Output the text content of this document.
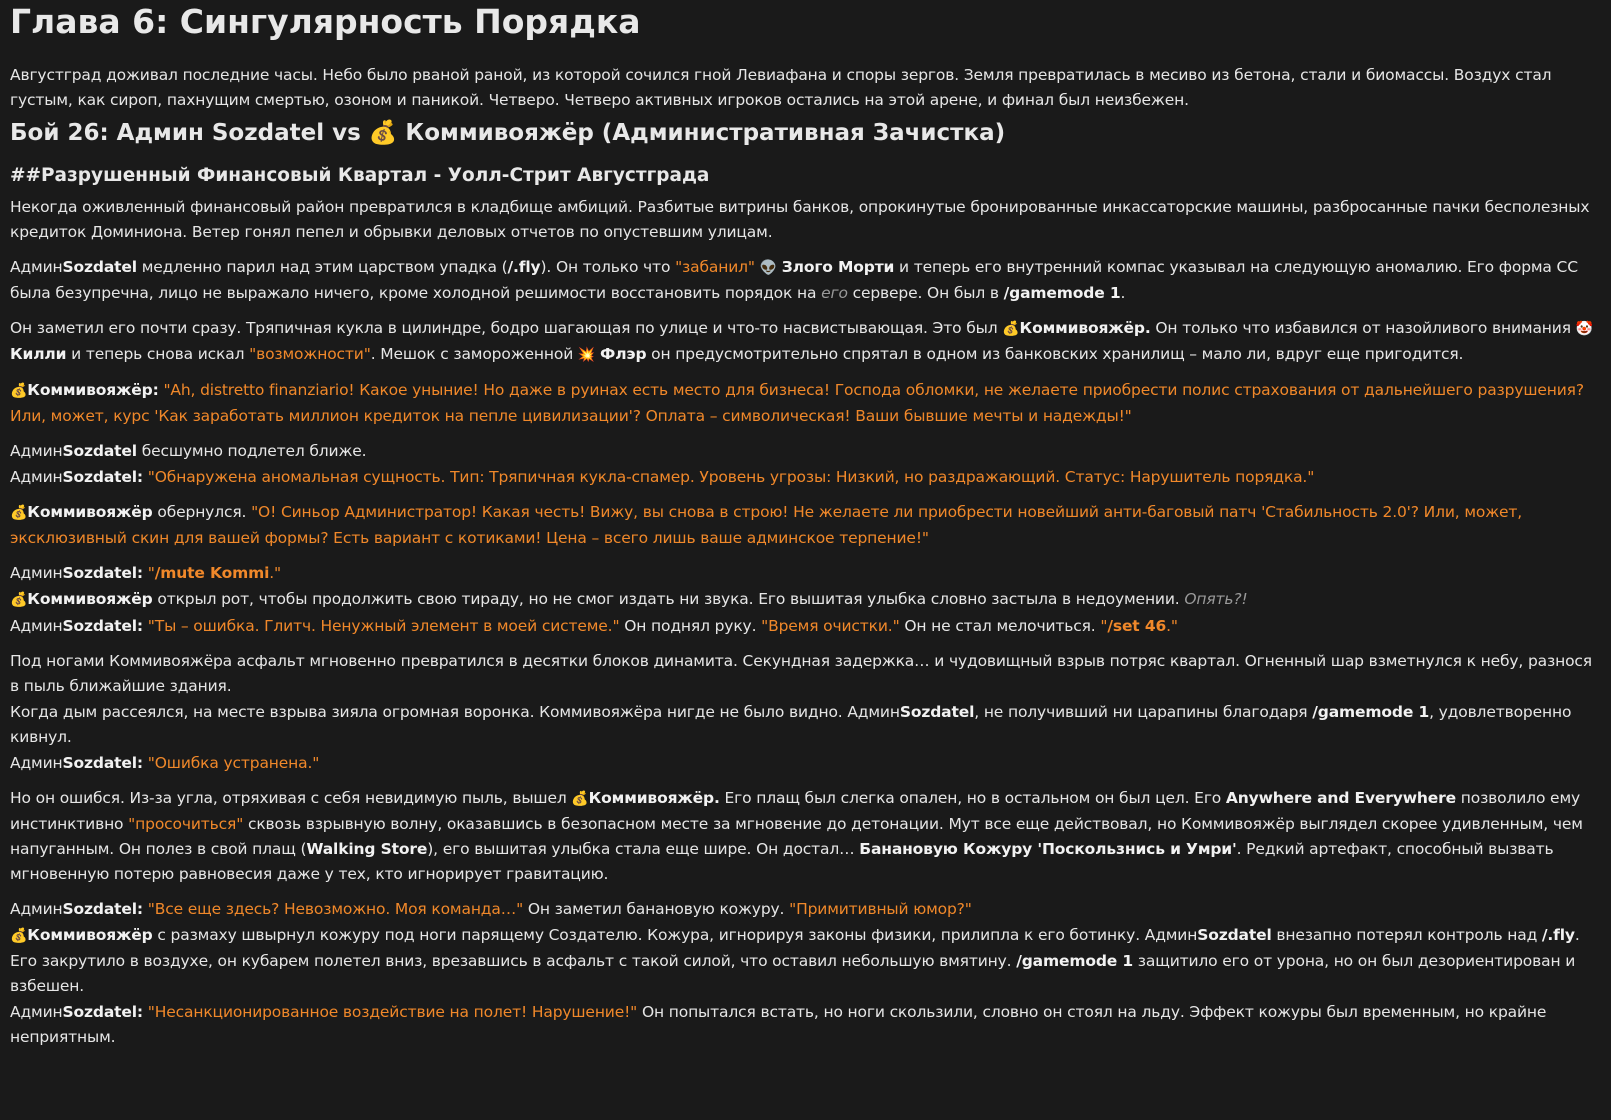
Глава 6: Сингулярность Порядка

Августград доживал последние часы. Небо было рваной раной, из которой сочился гной Левиафана и споры зергов. Земля превратилась в месиво из бетона, стали и биомассы. Воздух стал густым, как сироп, пахнущим смертью, озоном и паникой. Четверо. Четверо активных игроков остались на этой арене, и финал был неизбежен.

Бой 26: Админ Sozdatel vs 💰 Коммивояжёр (Административная Зачистка)
##Разрушенный Финансовый Квартал - Уолл-Стрит Августграда

Некогда оживленный финансовый район превратился в кладбище амбиций. Разбитые витрины банков, опрокинутые бронированные инкассаторские машины, разбросанные пачки бесполезных кредиток Доминиона. Ветер гонял пепел и обрывки деловых отчетов по опустевшим улицам.

АдминSozdatel медленно парил над этим царством упадка (/.fly). Он только что "забанил" 👽 Злого Морти и теперь его внутренний компас указывал на следующую аномалию. Его форма CC была безупречна, лицо не выражало ничего, кроме холодной решимости восстановить порядок на его сервере. Он был в /gamemode 1.

Он заметил его почти сразу. Тряпичная кукла в цилиндре, бодро шагающая по улице и что-то насвистывающая. Это был 💰Коммивояжёр. Он только что избавился от назойливого внимания 🤡 Килли и теперь снова искал "возможности". Мешок с замороженной 💥 Флэр он предусмотрительно спрятал в одном из банковских хранилищ – мало ли, вдруг еще пригодится.

💰Коммивояжёр: "Ah, distretto finanziario! Какое уныние! Но даже в руинах есть место для бизнеса! Господа обломки, не желаете приобрести полис страхования от дальнейшего разрушения? Или, может, курс 'Как заработать миллион кредиток на пепле цивилизации'? Оплата – символическая! Ваши бывшие мечты и надежды!"

АдминSozdatel бесшумно подлетел ближе.

АдминSozdatel: "Обнаружена аномальная сущность. Тип: Тряпичная кукла-спамер. Уровень угрозы: Низкий, но раздражающий. Статус: Нарушитель порядка."

💰Коммивояжёр обернулся. "О! Синьор Администратор! Какая честь! Вижу, вы снова в строю! Не желаете ли приобрести новейший анти-баговый патч 'Стабильность 2.0'? Или, может, эксклюзивный скин для вашей формы? Есть вариант с котиками! Цена – всего лишь ваше админское терпение!"

АдминSozdatel: "/mute Kommi."

💰Коммивояжёр открыл рот, чтобы продолжить свою тираду, но не смог издать ни звука. Его вышитая улыбка словно застыла в недоумении. Опять?!

АдминSozdatel: "Ты – ошибка. Глитч. Ненужный элемент в моей системе." Он поднял руку. "Время очистки." Он не стал мелочиться. "/set 46."

Под ногами Коммивояжёра асфальт мгновенно превратился в десятки блоков динамита. Секундная задержка… и чудовищный взрыв потряс квартал. Огненный шар взметнулся к небу, разнося в пыль ближайшие здания.

Когда дым рассеялся, на месте взрыва зияла огромная воронка. Коммивояжёра нигде не было видно. АдминSozdatel, не получивший ни царапины благодаря /gamemode 1, удовлетворенно кивнул.

АдминSozdatel: "Ошибка устранена."

Но он ошибся. Из-за угла, отряхивая с себя невидимую пыль, вышел 💰Коммивояжёр. Его плащ был слегка опален, но в остальном он был цел. Его Anywhere and Everywhere позволило ему инстинктивно "просочиться" сквозь взрывную волну, оказавшись в безопасном месте за мгновение до детонации. Мут все еще действовал, но Коммивояжёр выглядел скорее удивленным, чем напуганным. Он полез в свой плащ (Walking Store), его вышитая улыбка стала еще шире. Он достал… Банановую Кожуру 'Поскользнись и Умри'. Редкий артефакт, способный вызвать мгновенную потерю равновесия даже у тех, кто игнорирует гравитацию.

АдминSozdatel: "Все еще здесь? Невозможно. Моя команда…" Он заметил банановую кожуру. "Примитивный юмор?"

💰Коммивояжёр с размаху швырнул кожуру под ноги парящему Создателю. Кожура, игнорируя законы физики, прилипла к его ботинку. АдминSozdatel внезапно потерял контроль над /.fly. Его закрутило в воздухе, он кубарем полетел вниз, врезавшись в асфальт с такой силой, что оставил небольшую вмятину. /gamemode 1 защитило его от урона, но он был дезориентирован и взбешен.

АдминSozdatel: "Несанкционированное воздействие на полет! Нарушение!" Он попытался встать, но ноги скользили, словно он стоял на льду. Эффект кожуры был временным, но крайне неприятным.
